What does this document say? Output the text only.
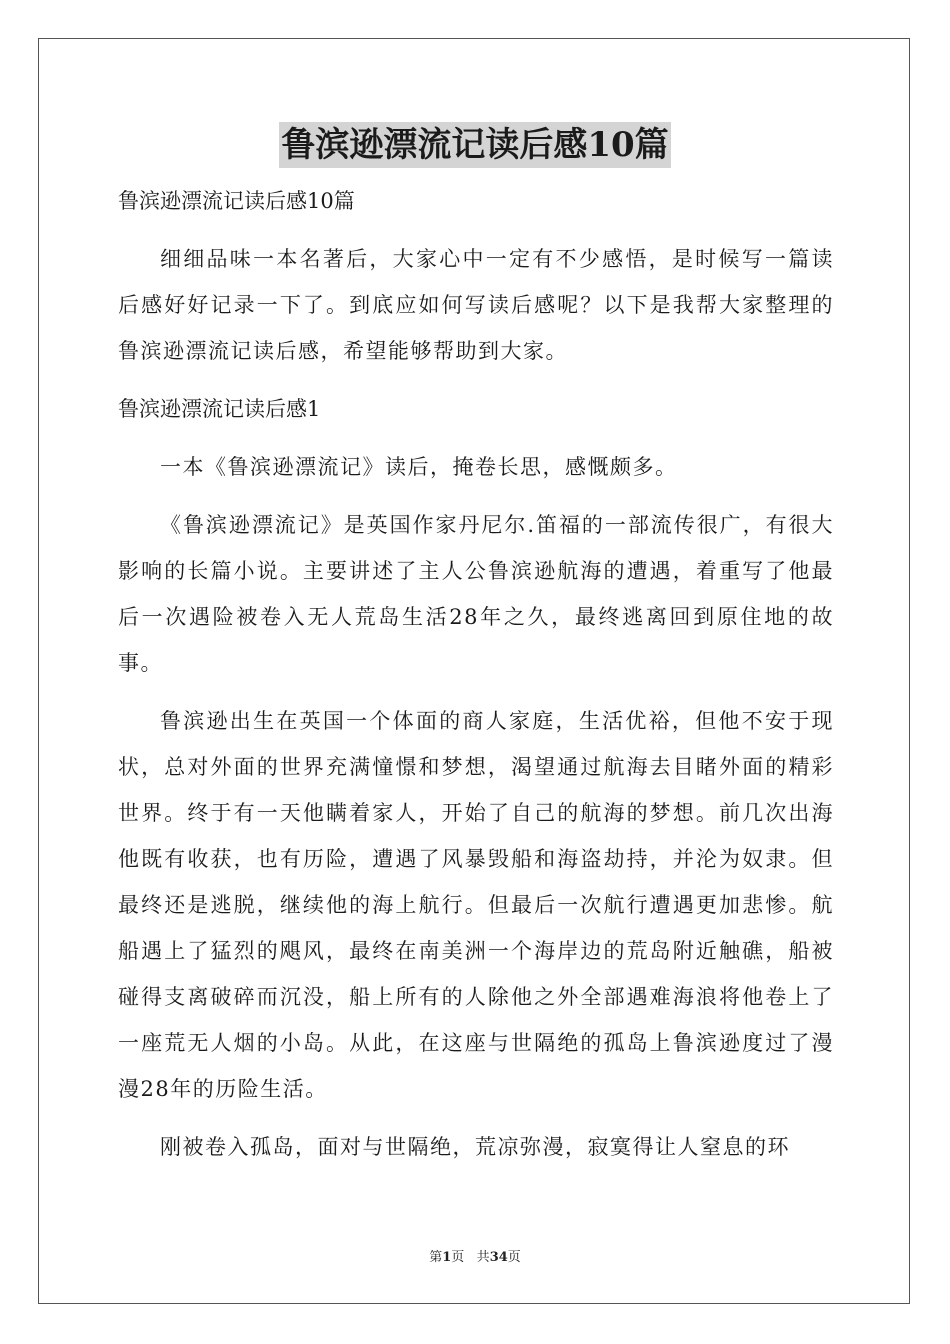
鲁滨逊漂流记读后感10篇

鲁滨逊漂流记读后感10篇

细细品味一本名著后，大家心中一定有不少感悟，是时候写一篇读后感好好记录一下了。到底应如何写读后感呢？以下是我帮大家整理的鲁滨逊漂流记读后感，希望能够帮助到大家。

鲁滨逊漂流记读后感1

一本《鲁滨逊漂流记》读后，掩卷长思，感慨颇多。

《鲁滨逊漂流记》是英国作家丹尼尔.笛福的一部流传很广，有很大影响的长篇小说。主要讲述了主人公鲁滨逊航海的遭遇，着重写了他最后一次遇险被卷入无人荒岛生活28年之久，最终逃离回到原住地的故事。

鲁滨逊出生在英国一个体面的商人家庭，生活优裕，但他不安于现状，总对外面的世界充满憧憬和梦想，渴望通过航海去目睹外面的精彩世界。终于有一天他瞒着家人，开始了自己的航海的梦想。前几次出海他既有收获，也有历险，遭遇了风暴毁船和海盗劫持，并沦为奴隶。但最终还是逃脱，继续他的海上航行。但最后一次航行遭遇更加悲惨。航船遇上了猛烈的飓风，最终在南美洲一个海岸边的荒岛附近触礁，船被碰得支离破碎而沉没，船上所有的人除他之外全部遇难海浪将他卷上了一座荒无人烟的小岛。从此，在这座与世隔绝的孤岛上鲁滨逊度过了漫漫28年的历险生活。

刚被卷入孤岛，面对与世隔绝，荒凉弥漫，寂寞得让人窒息的环

第1页 共34页
